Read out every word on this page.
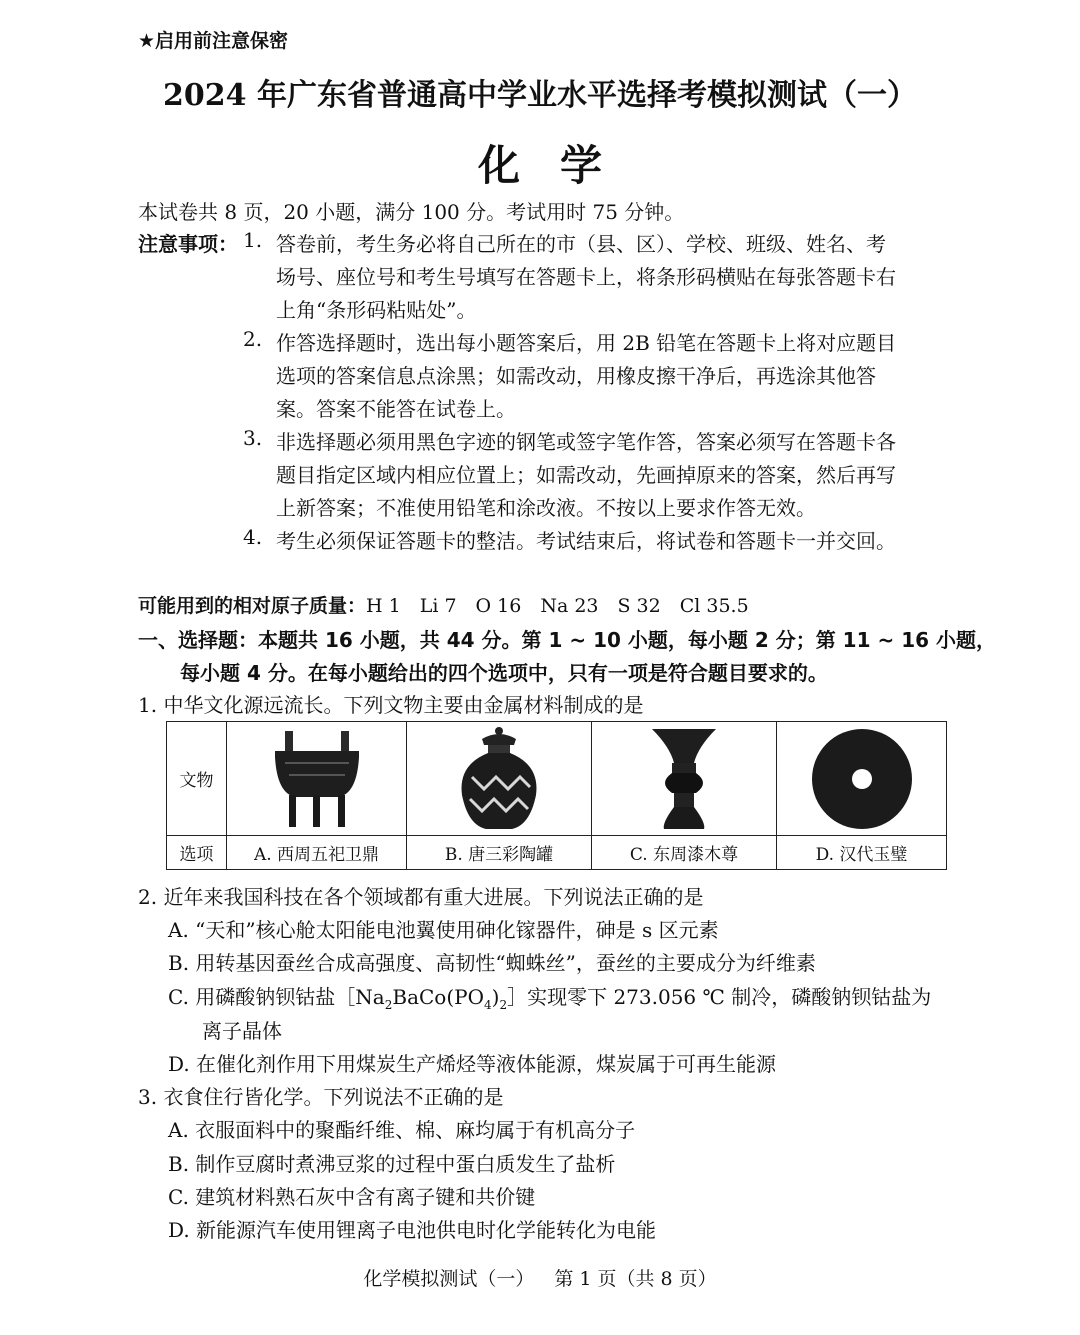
★启用前注意保密
2024 年广东省普通高中学业水平选择考模拟测试（一）
化学
本试卷共 8 页，20 小题，满分 100 分。考试用时 75 分钟。
注意事项： 1. 答卷前，考生务必将自己所在的市（县、区）、学校、班级、姓名、考
场号、座位号和考生号填写在答题卡上，将条形码横贴在每张答题卡右
上角“条形码粘贴处”。
2. 作答选择题时，选出每小题答案后，用 2B 铅笔在答题卡上将对应题目
选项的答案信息点涂黑；如需改动，用橡皮擦干净后，再选涂其他答
案。答案不能答在试卷上。
3. 非选择题必须用黑色字迹的钢笔或签字笔作答，答案必须写在答题卡各
题目指定区域内相应位置上；如需改动，先画掉原来的答案，然后再写
上新答案；不准使用铅笔和涂改液。不按以上要求作答无效。
4. 考生必须保证答题卡的整洁。考试结束后，将试卷和答题卡一并交回。
可能用到的相对原子质量：H 1　Li 7　O 16　Na 23　S 32　Cl 35.5
一、选择题：本题共 16 小题，共 44 分。第 1 ~ 10 小题，每小题 2 分；第 11 ~ 16 小题，
每小题 4 分。在每小题给出的四个选项中，只有一项是符合题目要求的。
1. 中华文化源远流长。下列文物主要由金属材料制成的是
文物	

选项	A. 西周五祀卫鼎	B. 唐三彩陶罐	C. 东周漆木尊	D. 汉代玉璧
2. 近年来我国科技在各个领域都有重大进展。下列说法正确的是
A. “天和”核心舱太阳能电池翼使用砷化镓器件，砷是 s 区元素
B. 用转基因蚕丝合成高强度、高韧性“蜘蛛丝”，蚕丝的主要成分为纤维素
C. 用磷酸钠钡钴盐$[Na_2BaCo(PO_4)_2]$实现零下 273.056 ℃ 制冷，磷酸钠钡钴盐为
离子晶体
D. 在催化剂作用下用煤炭生产烯烃等液体能源，煤炭属于可再生能源
3. 衣食住行皆化学。下列说法不正确的是
A. 衣服面料中的聚酯纤维、棉、麻均属于有机高分子
B. 制作豆腐时煮沸豆浆的过程中蛋白质发生了盐析
C. 建筑材料熟石灰中含有离子键和共价键
D. 新能源汽车使用锂离子电池供电时化学能转化为电能
化学模拟测试（一） 第 1 页（共 8 页）
